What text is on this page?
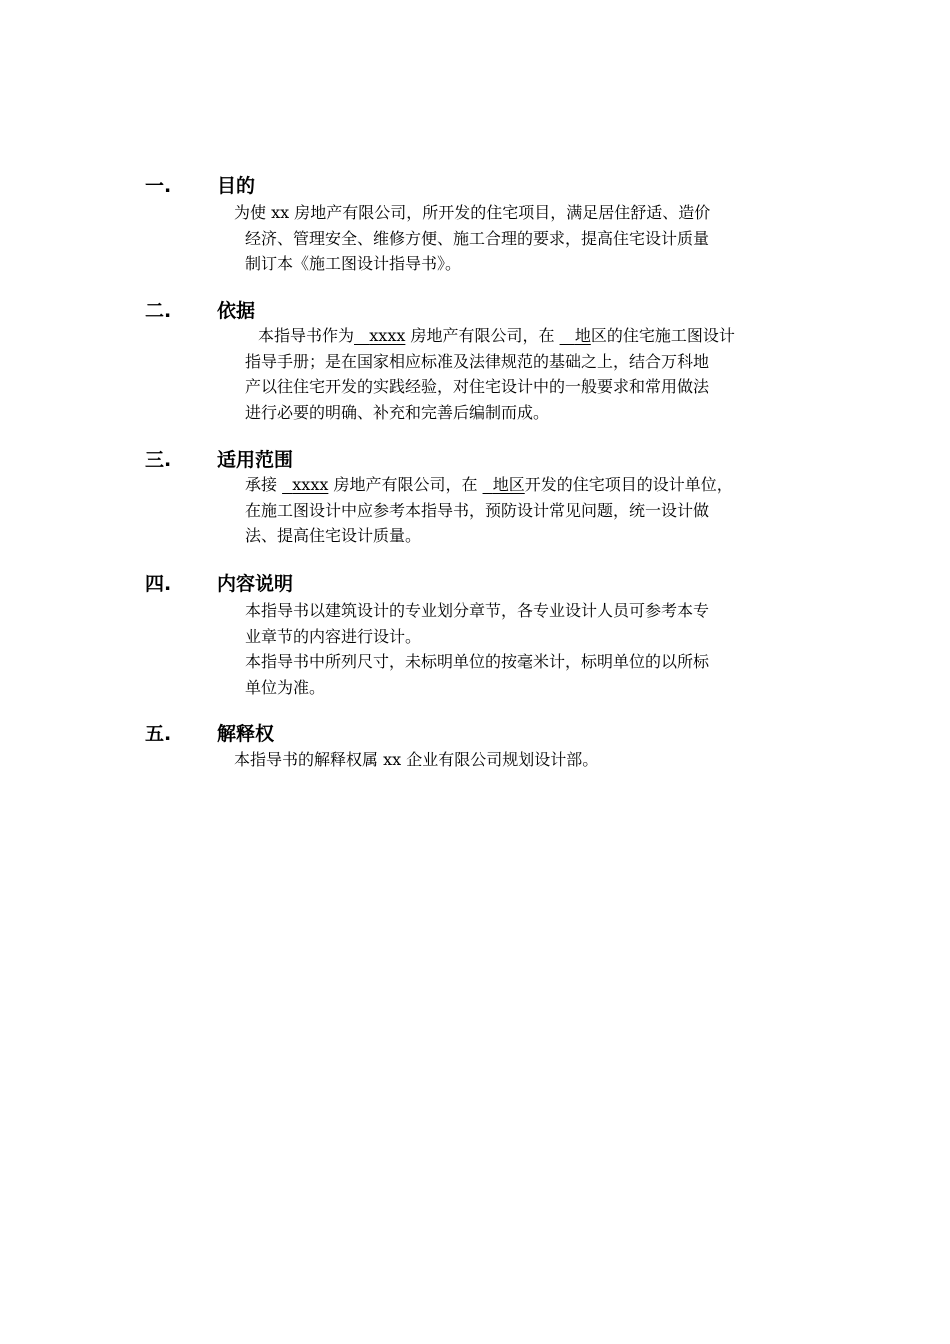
一. 目的
为使 xx 房地产有限公司，所开发的住宅项目，满足居住舒适、造价
经济、管理安全、维修方便、施工合理的要求，提高住宅设计质量
制订本《施工图设计指导书》。
二. 依据
本指导书作为 xxxx 房地产有限公司，在    地区的住宅施工图设计
指导手册；是在国家相应标准及法律规范的基础之上，结合万科地
产以往住宅开发的实践经验，对住宅设计中的一般要求和常用做法
进行必要的明确、补充和完善后编制而成。
三. 适用范围
承接   xxxx 房地产有限公司，在   地区开发的住宅项目的设计单位，
在施工图设计中应参考本指导书，预防设计常见问题，统一设计做
法、提高住宅设计质量。
四. 内容说明
本指导书以建筑设计的专业划分章节，各专业设计人员可参考本专
业章节的内容进行设计。
本指导书中所列尺寸，未标明单位的按毫米计，标明单位的以所标
单位为准。
五. 解释权
本指导书的解释权属 xx 企业有限公司规划设计部。
